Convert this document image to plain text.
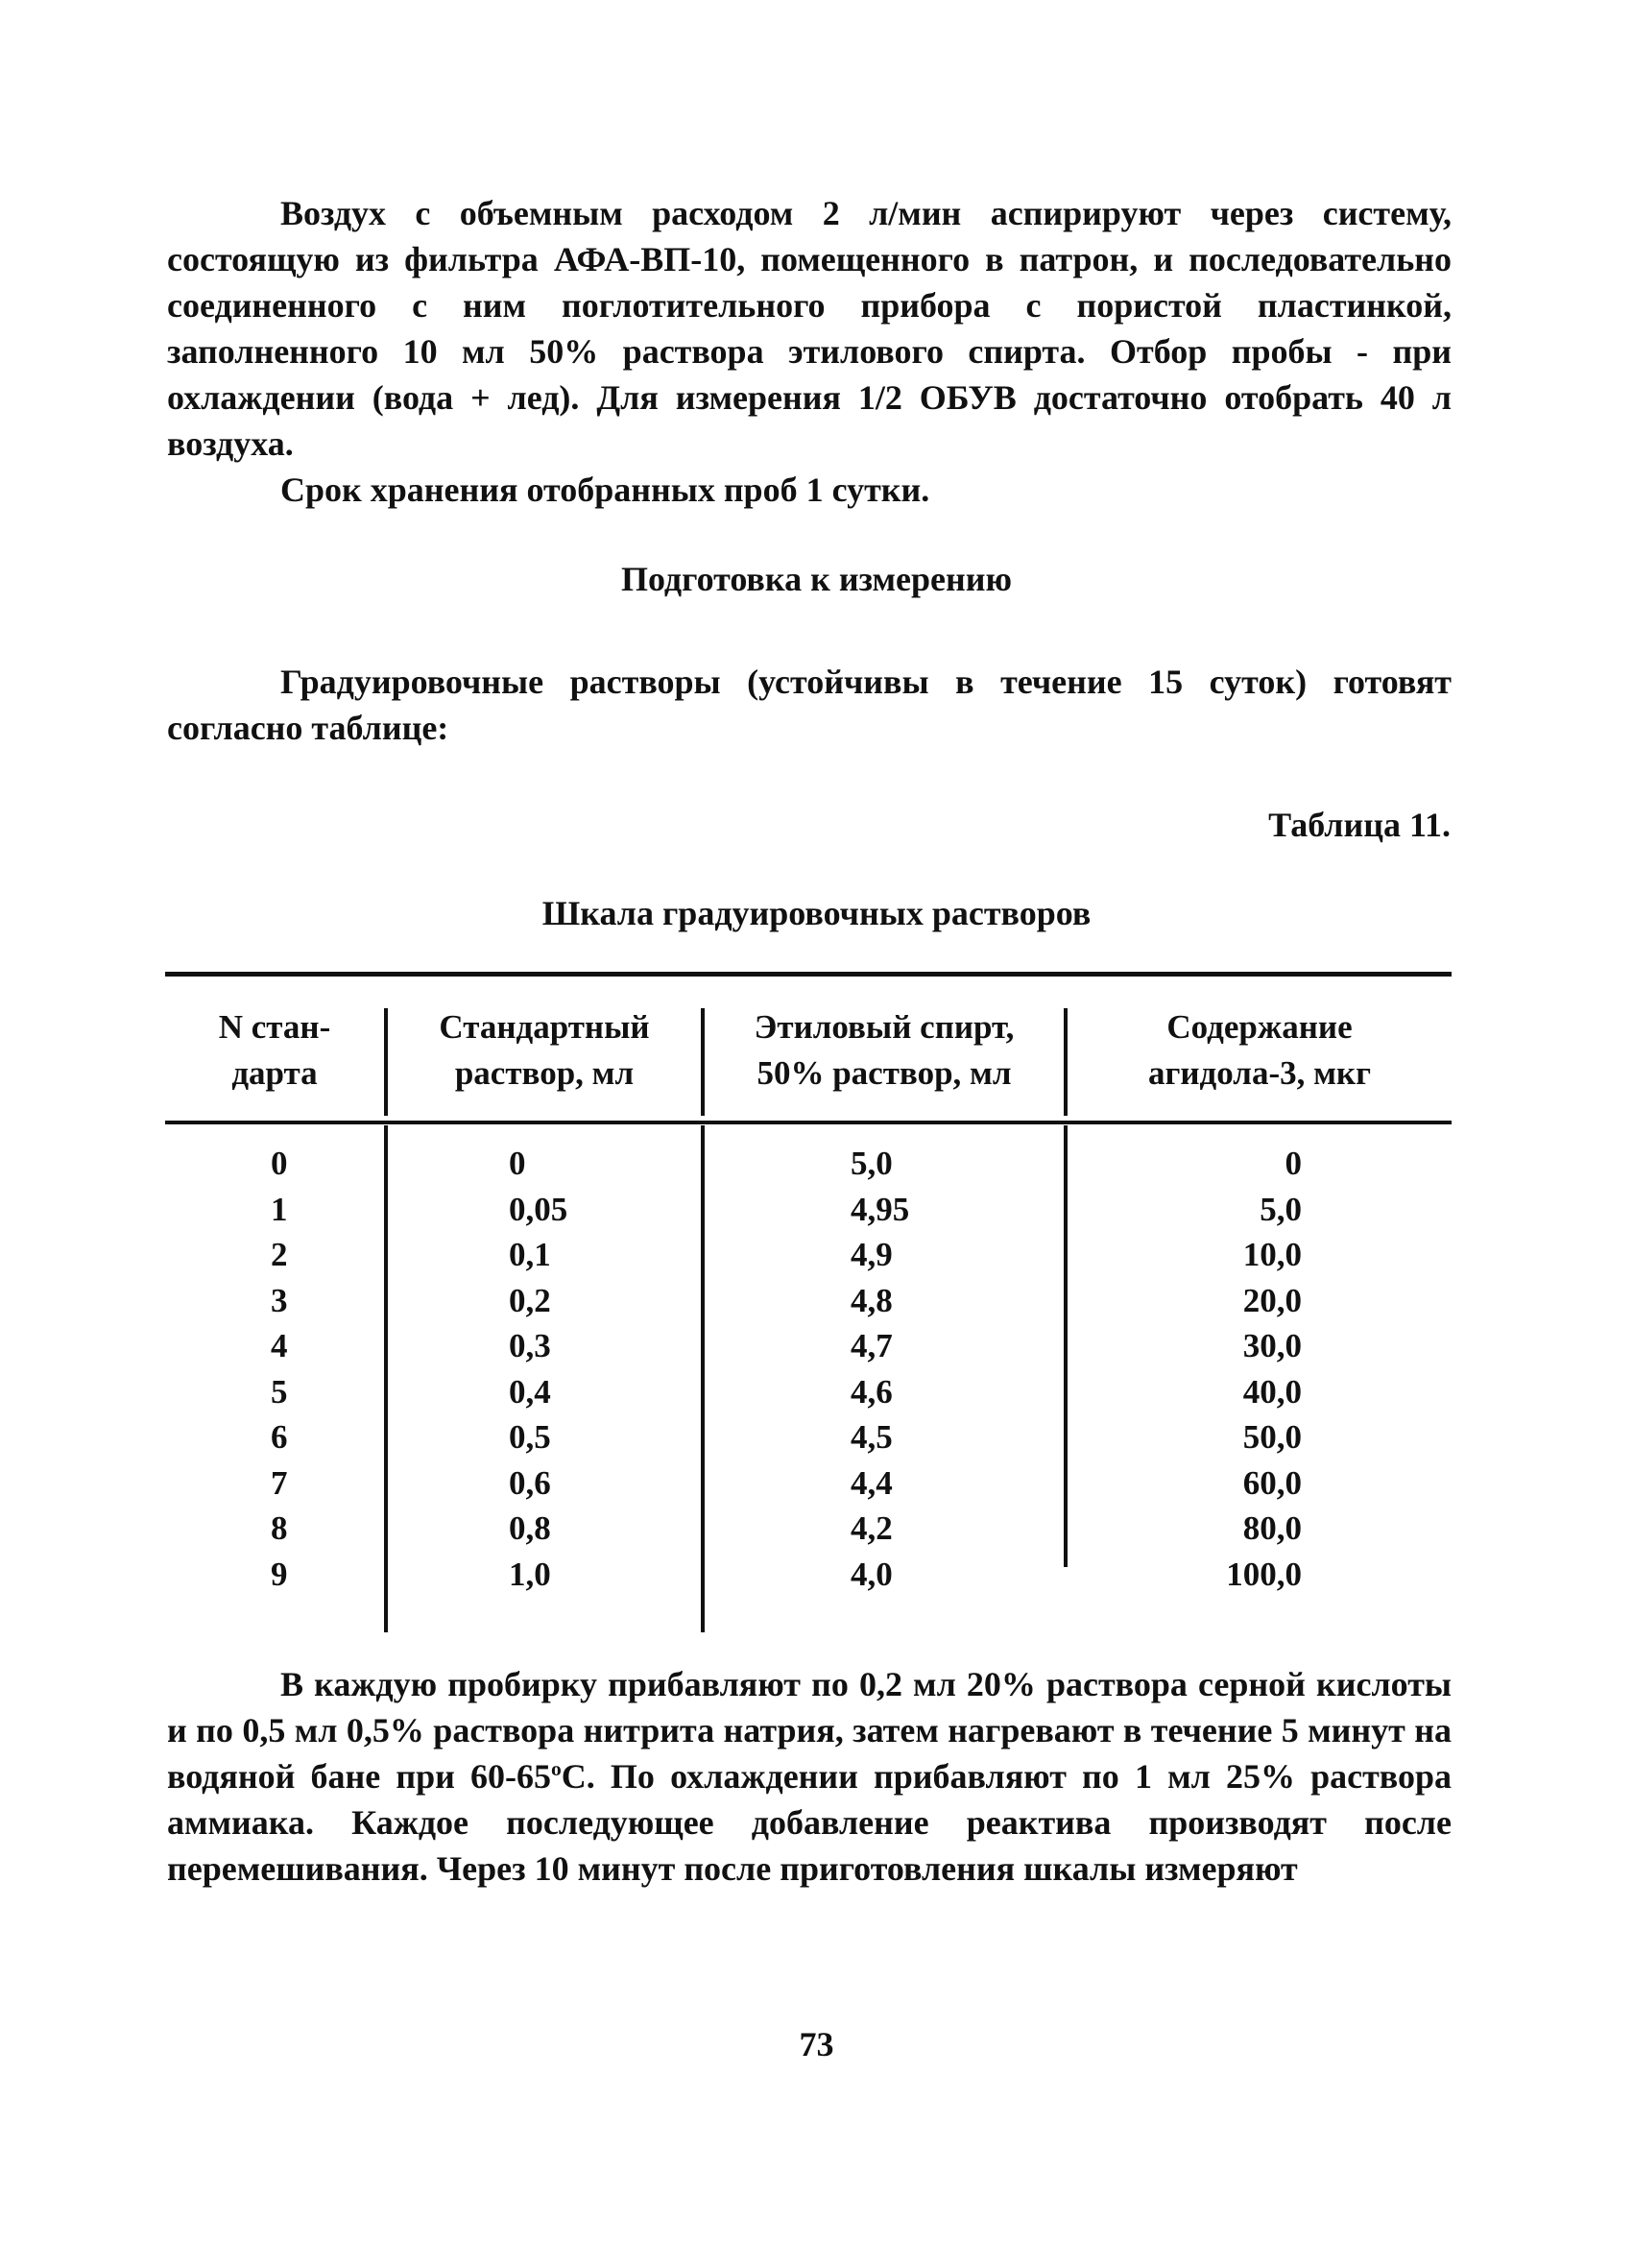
Воздух с объемным расходом 2 л/мин аспирируют через систему, состоящую из фильтра АФА-ВП-10, помещенного в патрон, и последовательно соединенного с ним поглотительного прибора с пористой пластинкой, заполненного 10 мл 50% раствора этилового спирта. Отбор пробы - при охлаждении (вода + лед). Для измерения 1/2 ОБУВ достаточно отобрать 40 л воздуха.

Срок хранения отобранных проб 1 сутки.

Подготовка к измерению

Градуировочные растворы (устойчивы в течение 15 суток) готовят согласно таблице:

Таблица 11.
Шкала градуировочных растворов
N стан-
дарта
Стандартный
раствор, мл
Этиловый спирт,
50% раствор, мл
Содержание
агидола-3, мкг
0
1
2
3
4
5
6
7
8
9
0
0,05
0,1
0,2
0,3
0,4
0,5
0,6
0,8
1,0
5,0
4,95
4,9
4,8
4,7
4,6
4,5
4,4
4,2
4,0
0
5,0
10,0
20,0
30,0
40,0
50,0
60,0
80,0
100,0

В каждую пробирку прибавляют по 0,2 мл 20% раствора серной кислоты и по 0,5 мл 0,5% раствора нитрита натрия, затем нагревают в течение 5 минут на водяной бане при $60-65^оС$. По охлаждении прибавляют по 1 мл 25% раствора аммиака. Каждое последующее добавление реактива производят после перемешивания. Через 10 минут после приготовления шкалы измеряют

73
